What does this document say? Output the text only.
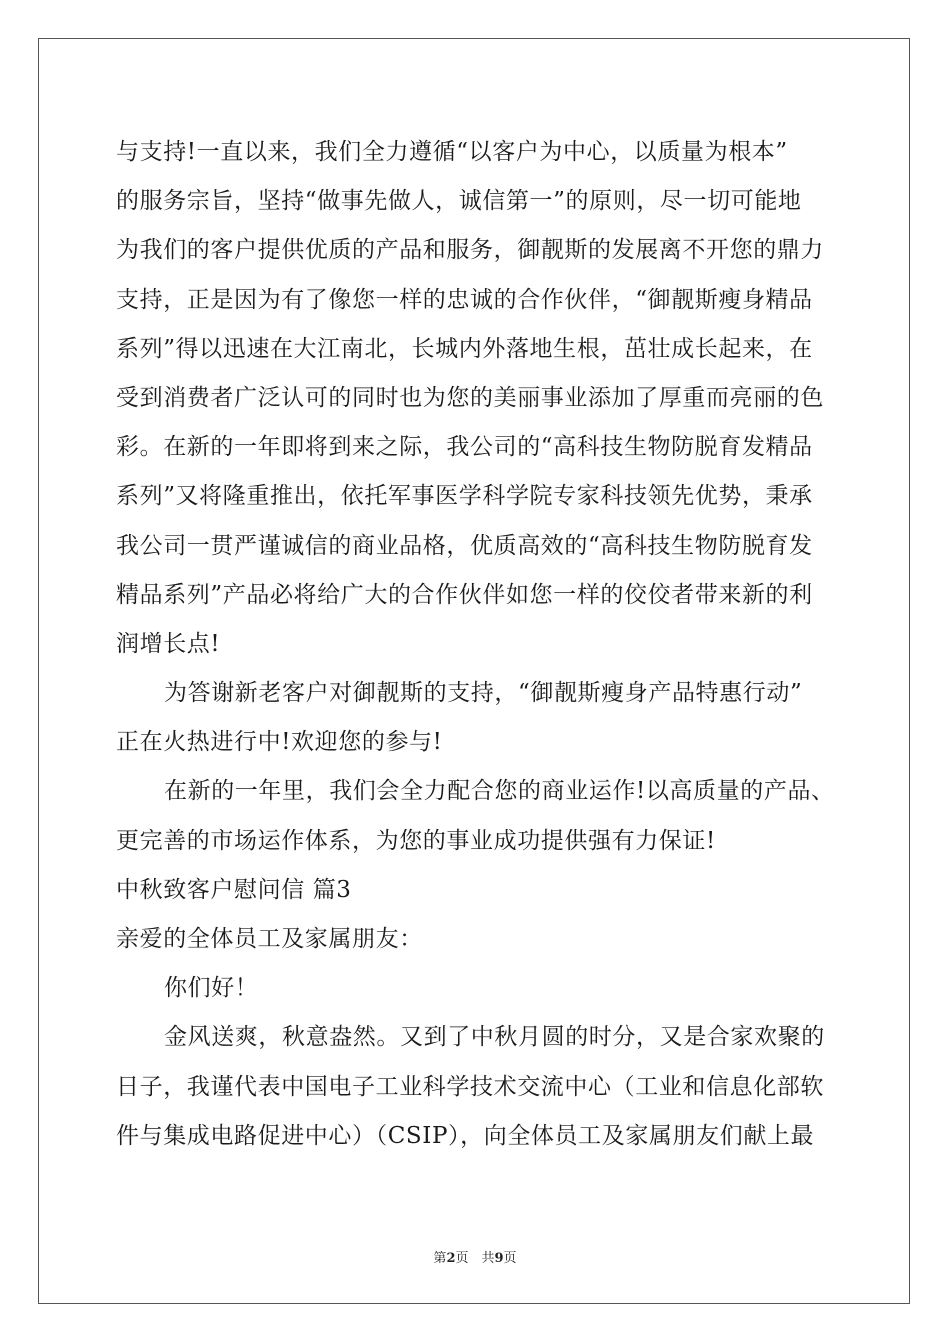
与支持!一直以来，我们全力遵循“以客户为中心，以质量为根本”
的服务宗旨，坚持“做事先做人，诚信第一”的原则，尽一切可能地
为我们的客户提供优质的产品和服务，御靓斯的发展离不开您的鼎力
支持，正是因为有了像您一样的忠诚的合作伙伴，“御靓斯瘦身精品
系列”得以迅速在大江南北，长城内外落地生根，茁壮成长起来，在
受到消费者广泛认可的同时也为您的美丽事业添加了厚重而亮丽的色
彩。在新的一年即将到来之际，我公司的“高科技生物防脱育发精品
系列”又将隆重推出，依托军事医学科学院专家科技领先优势，秉承
我公司一贯严谨诚信的商业品格，优质高效的“高科技生物防脱育发
精品系列”产品必将给广大的合作伙伴如您一样的佼佼者带来新的利
润增长点!
为答谢新老客户对御靓斯的支持，“御靓斯瘦身产品特惠行动”
正在火热进行中!欢迎您的参与!
在新的一年里，我们会全力配合您的商业运作!以高质量的产品、
更完善的市场运作体系，为您的事业成功提供强有力保证!
中秋致客户慰问信 篇3
亲爱的全体员工及家属朋友：
你们好！
金风送爽，秋意盎然。又到了中秋月圆的时分，又是合家欢聚的
日子，我谨代表中国电子工业科学技术交流中心（工业和信息化部软
件与集成电路促进中心）（CSIP），向全体员工及家属朋友们献上最
第2页　共9页
